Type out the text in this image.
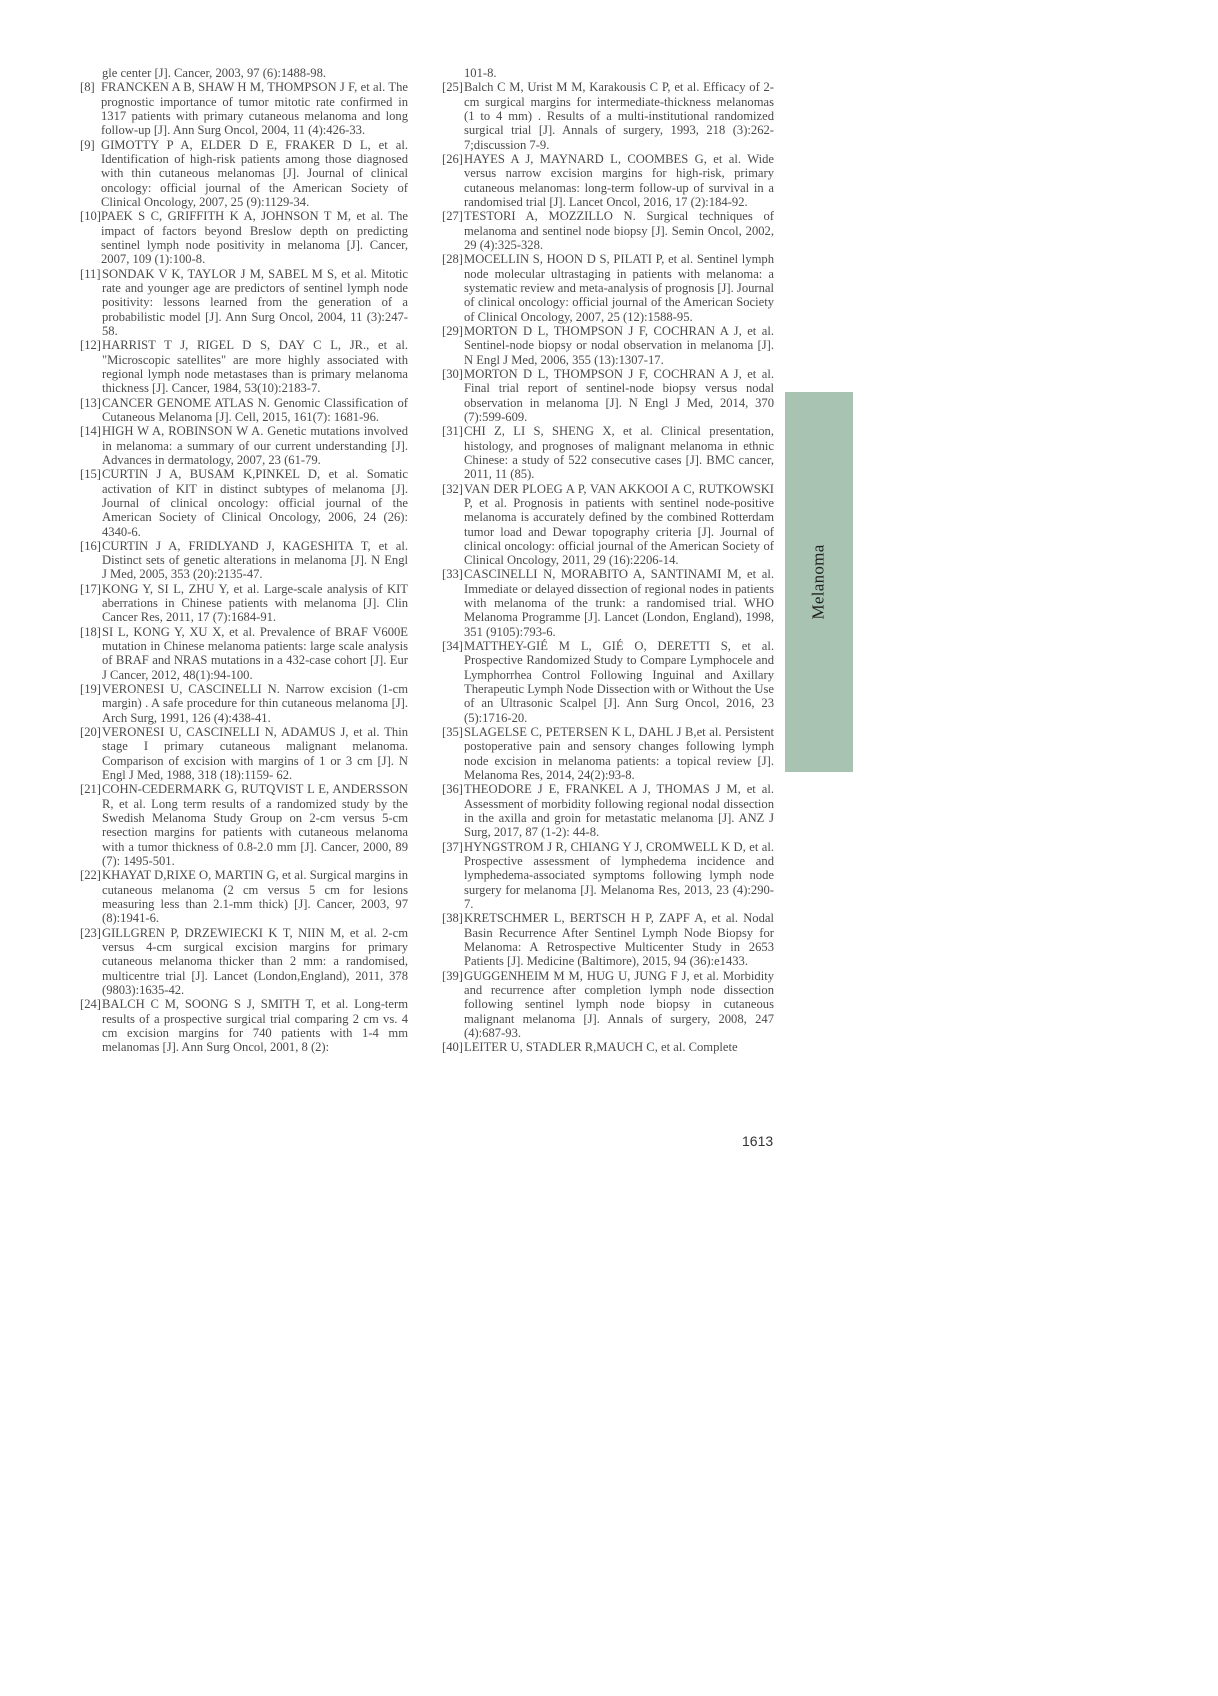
gle center [J]. Cancer, 2003, 97 (6):1488-98.

[8] FRANCKEN A B, SHAW H M, THOMPSON J F, et al. The prognostic importance of tumor mitotic rate confirmed in 1317 patients with primary cutaneous melanoma and long follow-up [J]. Ann Surg Oncol, 2004, 11 (4):426-33.

[9] GIMOTTY P A, ELDER D E, FRAKER D L, et al. Identification of high-risk patients among those diagnosed with thin cutaneous melanomas [J]. Journal of clinical oncology: official journal of the American Society of Clinical Oncology, 2007, 25 (9):1129-34.

[10] PAEK S C, GRIFFITH K A, JOHNSON T M, et al. The impact of factors beyond Breslow depth on predicting sentinel lymph node positivity in melanoma [J]. Cancer, 2007, 109 (1):100-8.

[11] SONDAK V K, TAYLOR J M, SABEL M S, et al. Mitotic rate and younger age are predictors of sentinel lymph node positivity: lessons learned from the generation of a probabilistic model [J]. Ann Surg Oncol, 2004, 11 (3):247-58.

[12] HARRIST T J, RIGEL D S, DAY C L, JR., et al. "Microscopic satellites" are more highly associated with regional lymph node metastases than is primary melanoma thickness [J]. Cancer, 1984, 53(10):2183-7.

[13] CANCER GENOME ATLAS N. Genomic Classification of Cutaneous Melanoma [J]. Cell, 2015, 161(7): 1681-96.

[14] HIGH W A, ROBINSON W A. Genetic mutations involved in melanoma: a summary of our current understanding [J]. Advances in dermatology, 2007, 23 (61-79.

[15] CURTIN J A, BUSAM K,PINKEL D, et al. Somatic activation of KIT in distinct subtypes of melanoma [J]. Journal of clinical oncology: official journal of the American Society of Clinical Oncology, 2006, 24 (26): 4340-6.

[16] CURTIN J A, FRIDLYAND J, KAGESHITA T, et al. Distinct sets of genetic alterations in melanoma [J]. N Engl J Med, 2005, 353 (20):2135-47.

[17] KONG Y, SI L, ZHU Y, et al. Large-scale analysis of KIT aberrations in Chinese patients with melanoma [J]. Clin Cancer Res, 2011, 17 (7):1684-91.

[18] SI L, KONG Y, XU X, et al. Prevalence of BRAF V600E mutation in Chinese melanoma patients: large scale analysis of BRAF and NRAS mutations in a 432-case cohort [J]. Eur J Cancer, 2012, 48(1):94-100.

[19] VERONESI U, CASCINELLI N. Narrow excision (1-cm margin) . A safe procedure for thin cutaneous melanoma [J]. Arch Surg, 1991, 126 (4):438-41.

[20] VERONESI U, CASCINELLI N, ADAMUS J, et al. Thin stage I primary cutaneous malignant melanoma. Comparison of excision with margins of 1 or 3 cm [J]. N Engl J Med, 1988, 318 (18):1159- 62.

[21] COHN-CEDERMARK G, RUTQVIST L E, ANDERSSON R, et al. Long term results of a randomized study by the Swedish Melanoma Study Group on 2-cm versus 5-cm resection margins for patients with cutaneous melanoma with a tumor thickness of 0.8-2.0 mm [J]. Cancer, 2000, 89 (7): 1495-501.

[22] KHAYAT D,RIXE O, MARTIN G, et al. Surgical margins in cutaneous melanoma (2 cm versus 5 cm for lesions measuring less than 2.1-mm thick) [J]. Cancer, 2003, 97 (8):1941-6.

[23] GILLGREN P, DRZEWIECKI K T, NIIN M, et al. 2-cm versus 4-cm surgical excision margins for primary cutaneous melanoma thicker than 2 mm: a randomised, multicentre trial [J]. Lancet (London,England), 2011, 378 (9803):1635-42.

[24] BALCH C M, SOONG S J, SMITH T, et al. Long-term results of a prospective surgical trial comparing 2 cm vs. 4 cm excision margins for 740 patients with 1-4 mm melanomas [J]. Ann Surg Oncol, 2001, 8 (2):

101-8.

[25] Balch C M, Urist M M, Karakousis C P, et al. Efficacy of 2-cm surgical margins for intermediate-thickness melanomas (1 to 4 mm) . Results of a multi-institutional randomized surgical trial [J]. Annals of surgery, 1993, 218 (3):262-7;discussion 7-9.

[26] HAYES A J, MAYNARD L, COOMBES G, et al. Wide versus narrow excision margins for high-risk, primary cutaneous melanomas: long-term follow-up of survival in a randomised trial [J]. Lancet Oncol, 2016, 17 (2):184-92.

[27] TESTORI A, MOZZILLO N. Surgical techniques of melanoma and sentinel node biopsy [J]. Semin Oncol, 2002, 29 (4):325-328.

[28] MOCELLIN S, HOON D S, PILATI P, et al. Sentinel lymph node molecular ultrastaging in patients with melanoma: a systematic review and meta-analysis of prognosis [J]. Journal of clinical oncology: official journal of the American Society of Clinical Oncology, 2007, 25 (12):1588-95.

[29] MORTON D L, THOMPSON J F, COCHRAN A J, et al. Sentinel-node biopsy or nodal observation in melanoma [J]. N Engl J Med, 2006, 355 (13):1307-17.

[30] MORTON D L, THOMPSON J F, COCHRAN A J, et al. Final trial report of sentinel-node biopsy versus nodal observation in melanoma [J]. N Engl J Med, 2014, 370 (7):599-609.

[31] CHI Z, LI S, SHENG X, et al. Clinical presentation, histology, and prognoses of malignant melanoma in ethnic Chinese: a study of 522 consecutive cases [J]. BMC cancer, 2011, 11 (85).

[32] VAN DER PLOEG A P, VAN AKKOOI A C, RUTKOWSKI P, et al. Prognosis in patients with sentinel node-positive melanoma is accurately defined by the combined Rotterdam tumor load and Dewar topography criteria [J]. Journal of clinical oncology: official journal of the American Society of Clinical Oncology, 2011, 29 (16):2206-14.

[33] CASCINELLI N, MORABITO A, SANTINAMI M, et al. Immediate or delayed dissection of regional nodes in patients with melanoma of the trunk: a randomised trial. WHO Melanoma Programme [J]. Lancet (London, England), 1998, 351 (9105):793-6.

[34] MATTHEY-GIÉ M L, GIÉ O, DERETTI S, et al. Prospective Randomized Study to Compare Lymphocele and Lymphorrhea Control Following Inguinal and Axillary Therapeutic Lymph Node Dissection with or Without the Use of an Ultrasonic Scalpel [J]. Ann Surg Oncol, 2016, 23 (5):1716-20.

[35] SLAGELSE C, PETERSEN K L, DAHL J B,et al. Persistent postoperative pain and sensory changes following lymph node excision in melanoma patients: a topical review [J]. Melanoma Res, 2014, 24(2):93-8.

[36] THEODORE J E, FRANKEL A J, THOMAS J M, et al. Assessment of morbidity following regional nodal dissection in the axilla and groin for metastatic melanoma [J]. ANZ J Surg, 2017, 87 (1-2): 44-8.

[37] HYNGSTROM J R, CHIANG Y J, CROMWELL K D, et al. Prospective assessment of lymphedema incidence and lymphedema-associated symptoms following lymph node surgery for melanoma [J]. Melanoma Res, 2013, 23 (4):290-7.

[38] KRETSCHMER L, BERTSCH H P, ZAPF A, et al. Nodal Basin Recurrence After Sentinel Lymph Node Biopsy for Melanoma: A Retrospective Multicenter Study in 2653 Patients [J]. Medicine (Baltimore), 2015, 94 (36):e1433.

[39] GUGGENHEIM M M, HUG U, JUNG F J, et al. Morbidity and recurrence after completion lymph node dissection following sentinel lymph node biopsy in cutaneous malignant melanoma [J]. Annals of surgery, 2008, 247 (4):687-93.

[40] LEITER U, STADLER R,MAUCH C, et al. Complete

Melanoma
1613
